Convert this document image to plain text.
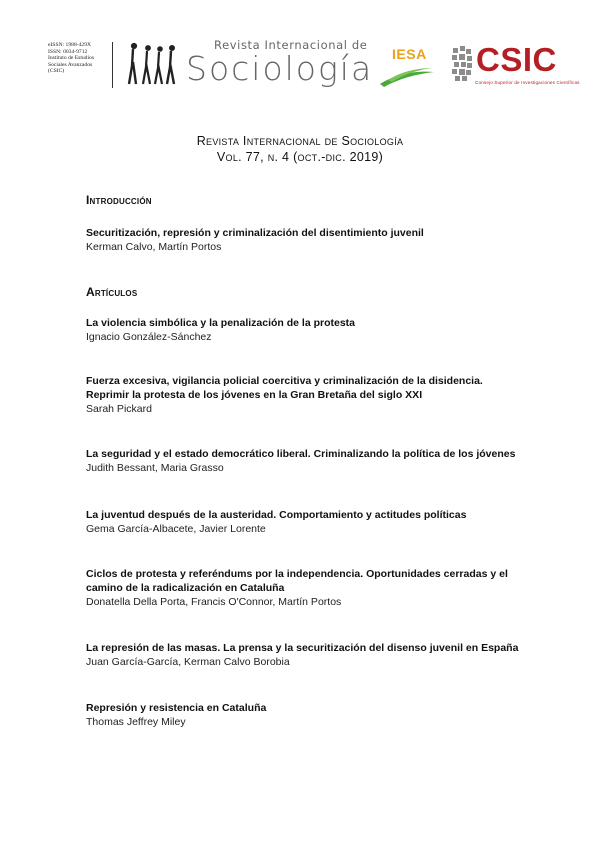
eISSN: 1988-429X
ISSN: 0034-9712
Instituto de Estudios
Sociales Avanzados
(CSIC)
Revista Internacional de
Sociología IESA CSIC
Consejo Superior de Investigaciones Científicas
Revista Internacional de Sociología
Vol. 77, n. 4 (oct.-dic. 2019)
Introducción
Securitización, represión y criminalización del disentimiento juvenil
Kerman Calvo, Martín Portos
Artículos
La violencia simbólica y la penalización de la protesta
Ignacio González-Sánchez
Fuerza excesiva, vigilancia policial coercitiva y criminalización de la disidencia.
Reprimir la protesta de los jóvenes en la Gran Bretaña del siglo XXI
Sarah Pickard
La seguridad y el estado democrático liberal. Criminalizando la política de los jóvenes
Judith Bessant, Maria Grasso
La juventud después de la austeridad. Comportamiento y actitudes políticas
Gema García-Albacete, Javier Lorente
Ciclos de protesta y referéndums por la independencia. Oportunidades cerradas y el
camino de la radicalización en Cataluña
Donatella Della Porta, Francis O'Connor, Martín Portos
La represión de las masas. La prensa y la securitización del disenso juvenil en España
Juan García-García, Kerman Calvo Borobia
Represión y resistencia en Cataluña
Thomas Jeffrey Miley
